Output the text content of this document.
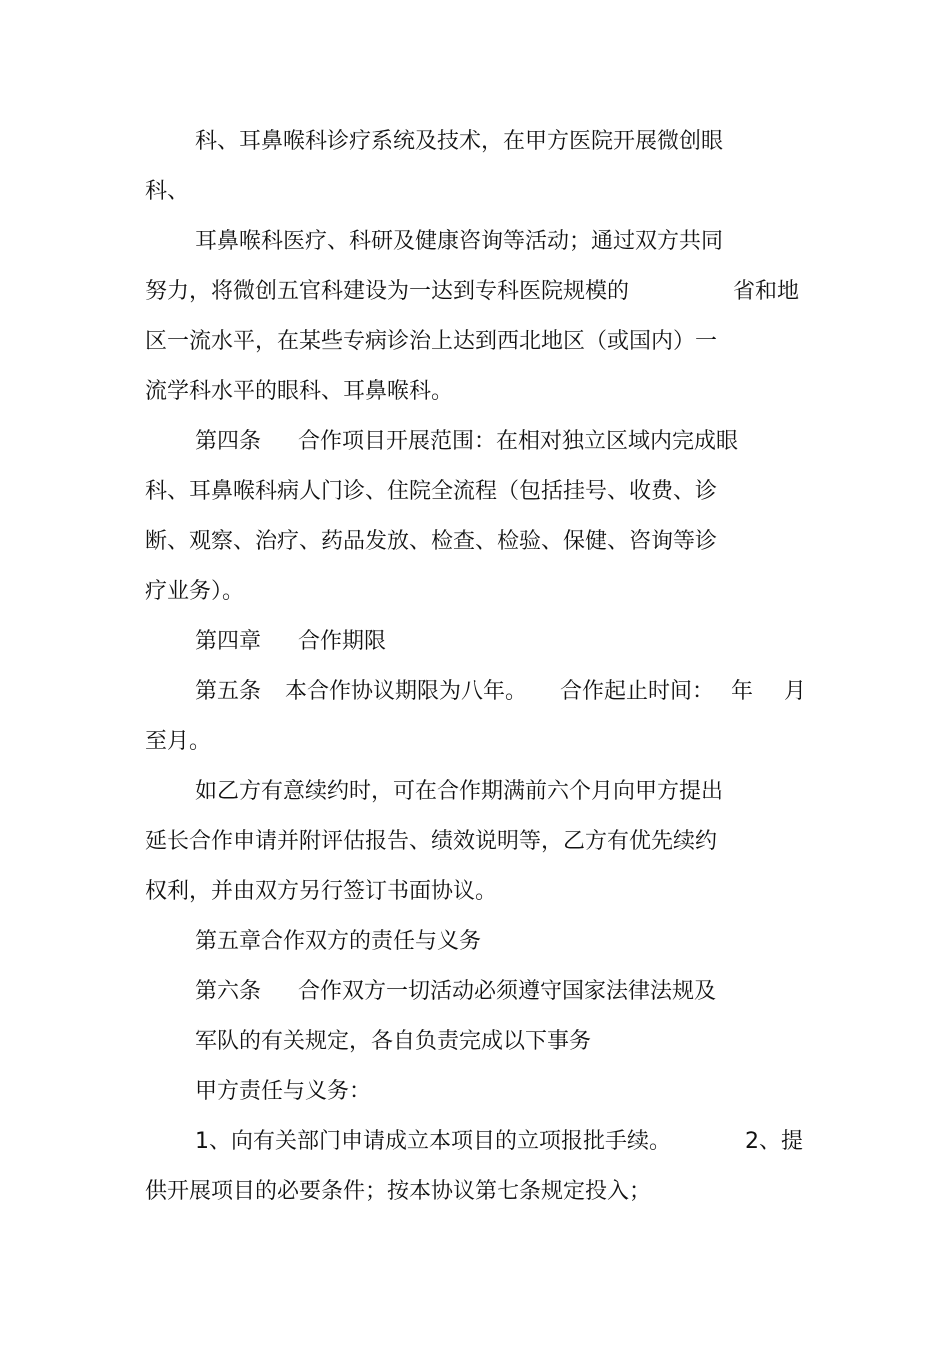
科、耳鼻喉科诊疗系统及技术，在甲方医院开展微创眼
科、
耳鼻喉科医疗、科研及健康咨询等活动；通过双方共同
努力，将微创五官科建设为一达到专科医院规模的	省和地
区一流水平，在某些专病诊治上达到西北地区（或国内）一
流学科水平的眼科、耳鼻喉科。
第四条 合作项目开展范围：在相对独立区域内完成眼
科、耳鼻喉科病人门诊、住院全流程（包括挂号、收费、诊
断、观察、治疗、药品发放、检查、检验、保健、咨询等诊
疗业务）。
第四章 合作期限
第五条 本合作协议期限为八年。 合作起止时间： 年 月
至月。
如乙方有意续约时，可在合作期满前六个月向甲方提出
延长合作申请并附评估报告、绩效说明等，乙方有优先续约
权利，并由双方另行签订书面协议。
第五章合作双方的责任与义务
第六条 合作双方一切活动必须遵守国家法律法规及
军队的有关规定，各自负责完成以下事务
甲方责任与义务：
1、向有关部门申请成立本项目的立项报批手续。	2、提
供开展项目的必要条件；按本协议第七条规定投入；
